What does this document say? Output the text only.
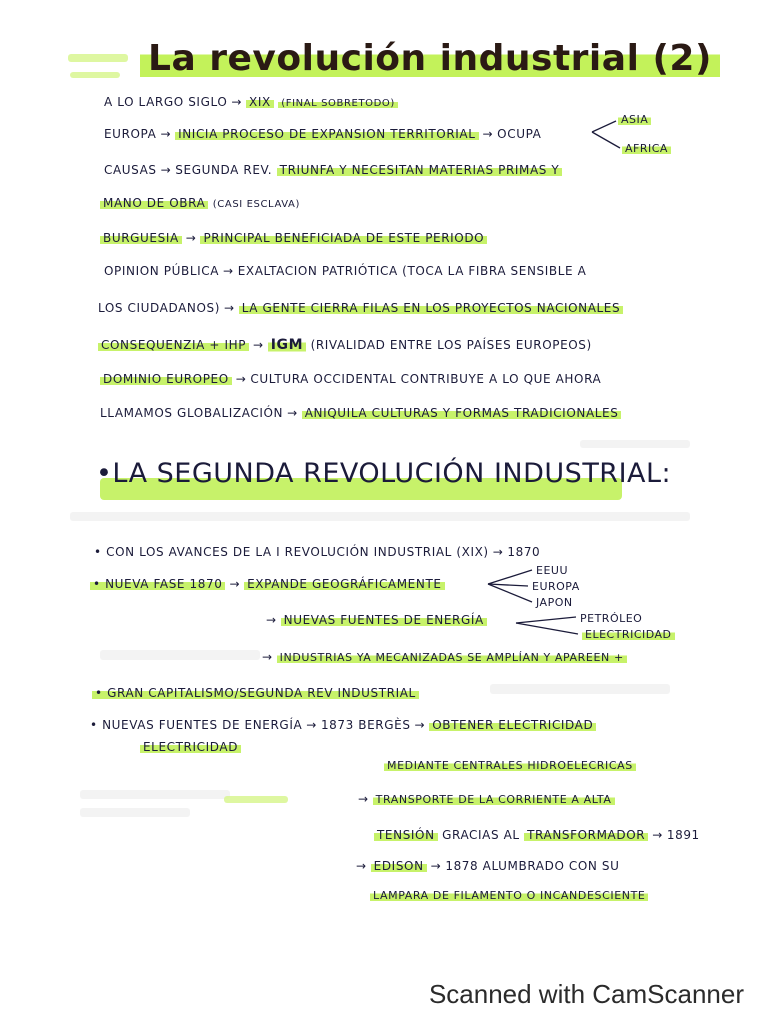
La revolución industrial (2)
A LO LARGO SIGLO → XIX (FINAL SOBRETODO)
EUROPA → INICIA PROCESO DE EXPANSION TERRITORIAL → OCUPA
ASIA
AFRICA
CAUSAS → SEGUNDA REV. TRIUNFA Y NECESITAN MATERIAS PRIMAS Y
MANO DE OBRA (CASI ESCLAVA)
BURGUESIA → PRINCIPAL BENEFICIADA DE ESTE PERIODO
OPINION PÚBLICA → EXALTACION PATRIÓTICA (TOCA LA FIBRA SENSIBLE A
LOS CIUDADANOS) → LA GENTE CIERRA FILAS EN LOS PROYECTOS NACIONALES
CONSEQUENZIA + IHP → IGM (RIVALIDAD ENTRE LOS PAÍSES EUROPEOS)
DOMINIO EUROPEO → CULTURA OCCIDENTAL CONTRIBUYE A LO QUE AHORA
LLAMAMOS GLOBALIZACIÓN → ANIQUILA CULTURAS Y FORMAS TRADICIONALES
•LA SEGUNDA REVOLUCIÓN INDUSTRIAL:
• CON LOS AVANCES DE LA I REVOLUCIÓN INDUSTRIAL (XIX) → 1870
• NUEVA FASE 1870 → EXPANDE GEOGRÁFICAMENTE
EEUU
EUROPA
JAPON
→ NUEVAS FUENTES DE ENERGÍA	PETRÓLEO
ELECTRICIDAD
→ INDUSTRIAS YA MECANIZADAS SE AMPLÍAN Y APAREEN +
• GRAN CAPITALISMO/SEGUNDA REV INDUSTRIAL
• NUEVAS FUENTES DE ENERGÍA → 1873 BERGÈS → OBTENER ELECTRICIDAD
ELECTRICIDAD
MEDIANTE CENTRALES HIDROELECRICAS
→ TRANSPORTE DE LA CORRIENTE A ALTA
TENSIÓN GRACIAS AL TRANSFORMADOR → 1891
→ EDISON → 1878 ALUMBRADO CON SU
LAMPARA DE FILAMENTO O INCANDESCIENTE
Scanned with CamScanner
